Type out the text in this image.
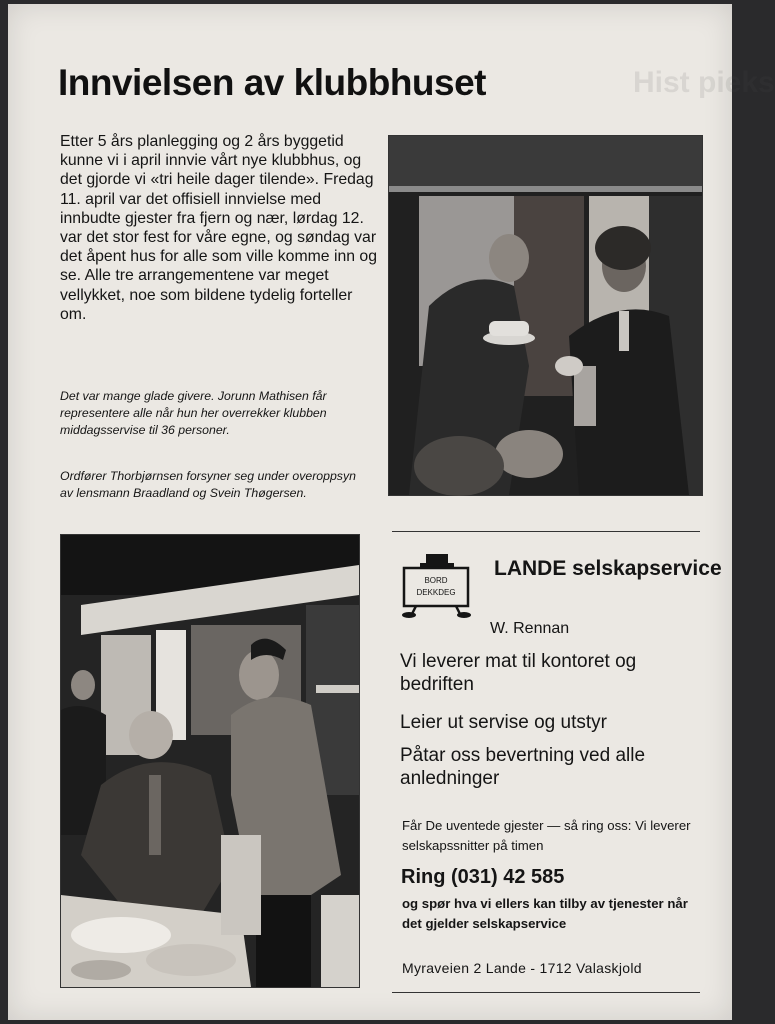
Hist pieks
Innvielsen av klubbhuset

Etter 5 års planlegging og 2 års byggetid kunne vi i april innvie vårt nye klubbhus, og det gjorde vi «tri heile dager tilende». Fredag 11. april var det offisiell innvielse med innbudte gjester fra fjern og nær, lørdag 12. var det stor fest for våre egne, og søndag var det åpent hus for alle som ville komme inn og se. Alle tre arrangementene var meget vellykket, noe som bildene tydelig forteller om.

Det var mange glade givere. Jorunn Mathisen får representere alle når hun her overrekker klubben middagsservise til 36 personer.

Ordfører Thorbjørnsen forsyner seg under overoppsyn av lensmann Braadland og Svein Thøgersen.

BORD
DEKKDEG

LANDE selskapservice

W. Rennan

Vi leverer mat til kontoret og bedriften

Leier ut servise og utstyr

Påtar oss bevertning ved alle anledninger

Får De uventede gjester — så ring oss: Vi leverer selskapssnitter på timen

Ring (031) 42 585

og spør hva vi ellers kan tilby av tjenester når det gjelder selskapservice

Myraveien 2 Lande - 1712 Valaskjold
